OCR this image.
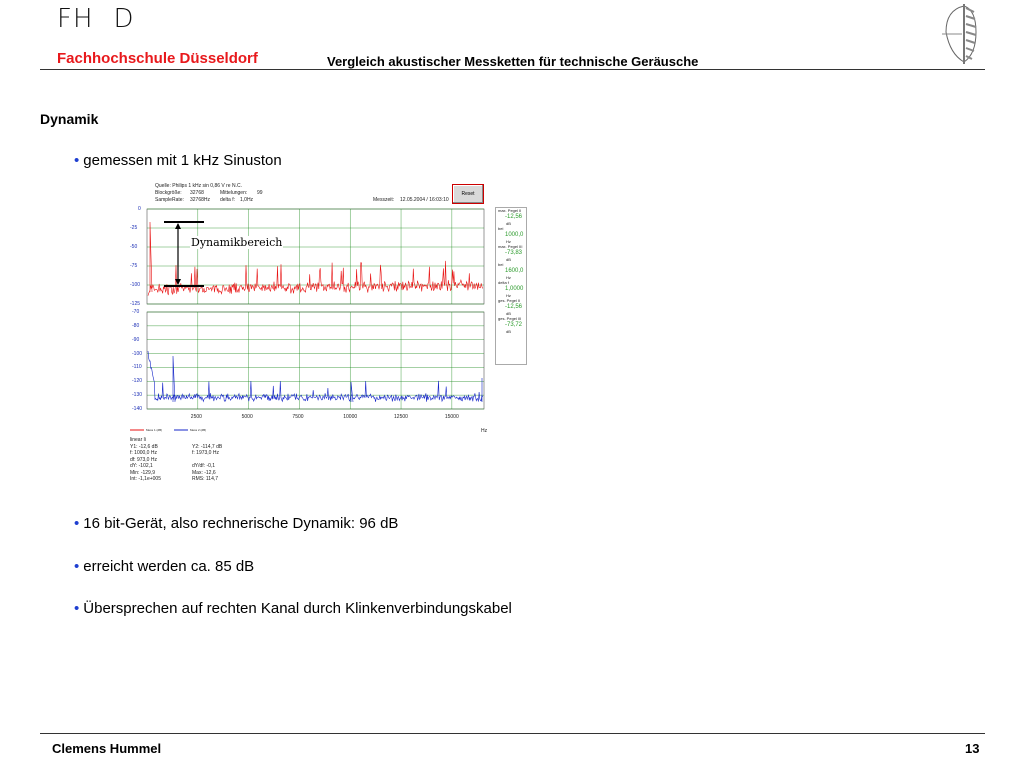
FH D
Fachhochschule Düsseldorf	Vergleich akustischer Messketten für technische Geräusche
Dynamik
• gemessen mit 1 kHz Sinuston
Quelle: Philips 1 kHz sin 0,86 V re N.C.
Blockgröße: 32768	Mittelungen: 99
SampleRate: 32768Hz delta f: 1,0Hz	Messzeit: 12.05.2004 / 16:03:10
Reset
Dynamikbereich
0
-25
-50
-75
-100
-125
-70
-80
-90
-100
-110
-120
-130
-140
2500	5000	7500	10000	12500	15000
Hz
max. Pegel II
-12,56
dB
bei
1000,0
Hz
max. Pegel III
-73,83
dB
bei
1600,0
Hz
delta f
1,0000
Hz
ges. Pegel II
-12,56
dB
ges. Pegel III
-73,72
dB
Mess 1 (dB)	Mess 2 (dB)
linear li
Y1: -12,6 dB	Y2: -114,7 dB
f: 1000,0 Hz	f: 1973,0 Hz
df: 973,0 Hz
dY: -102,1	dY/df: -0,1
Min: -129,9	Max: -12,6
Int: -1,1e+005	RMS: 114,7
• 16 bit-Gerät, also rechnerische Dynamik: 96 dB
• erreicht werden ca. 85 dB
• Übersprechen auf rechten Kanal durch Klinkenverbindungskabel
Clemens Hummel	13
